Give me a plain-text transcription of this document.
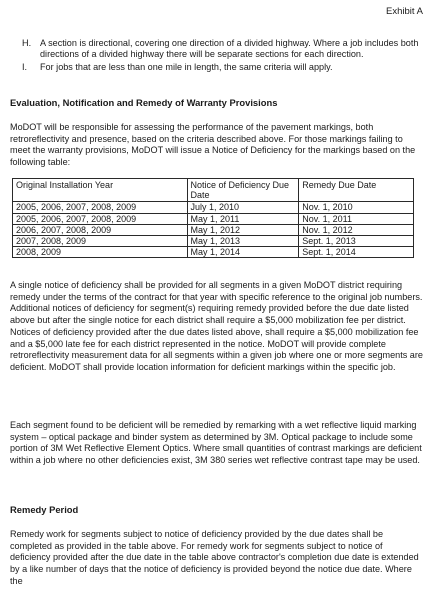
Exhibit A
H. A section is directional, covering one direction of a divided highway. Where a job includes both directions of a divided highway there will be separate sections for each direction.
I. For jobs that are less than one mile in length, the same criteria will apply.
Evaluation, Notification and Remedy of Warranty Provisions

MoDOT will be responsible for assessing the performance of the pavement markings, both retroreflectivity and presence, based on the criteria described above. For those markings failing to meet the warranty provisions, MoDOT will issue a Notice of Deficiency for the markings based on the following table:

Original Installation Year	Notice of Deficiency Due Date	Remedy Due Date
2005, 2006, 2007, 2008, 2009	July 1, 2010	Nov. 1, 2010
2005, 2006, 2007, 2008, 2009	May 1, 2011	Nov. 1, 2011
2006, 2007, 2008, 2009	May 1, 2012	Nov. 1, 2012
2007, 2008, 2009	May 1, 2013	Sept. 1, 2013
2008, 2009	May 1, 2014	Sept. 1, 2014

A single notice of deficiency shall be provided for all segments in a given MoDOT district requiring remedy under the terms of the contract for that year with specific reference to the original job numbers. Additional notices of deficiency for segment(s) requiring remedy provided before the due date listed above but after the single notice for each district shall require a $5,000 mobilization fee per district. Notices of deficiency provided after the due dates listed above, shall require a $5,000 mobilization fee and a $5,000 late fee for each district represented in the notice. MoDOT will provide complete retroreflectivity measurement data for all segments within a given job where one or more segments are deficient. MoDOT shall provide location information for deficient markings within the specific job.

Each segment found to be deficient will be remedied by remarking with a wet reflective liquid marking system – optical package and binder system as determined by 3M. Optical package to include some portion of 3M Wet Reflective Element Optics. Where small quantities of contrast markings are deficient within a job where no other deficiencies exist, 3M 380 series wet reflective contrast tape may be used.

Remedy Period

Remedy work for segments subject to notice of deficiency provided by the due dates shall be completed as provided in the table above. For remedy work for segments subject to notice of deficiency provided after the due date in the table above contractor's completion due date is extended by a like number of days that the notice of deficiency is provided beyond the notice due date. Where the
